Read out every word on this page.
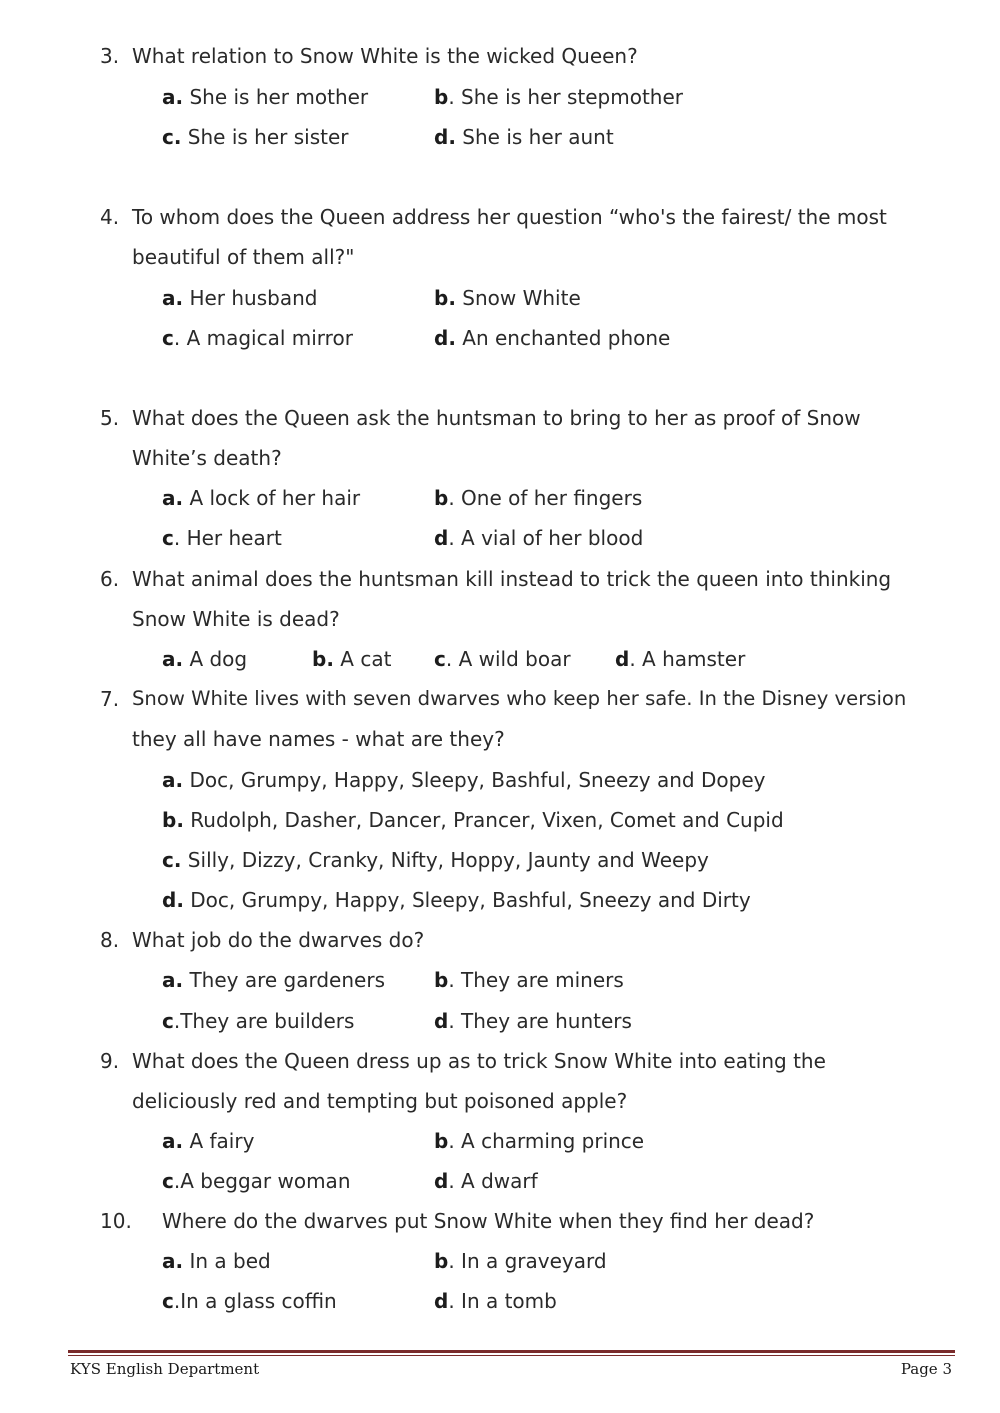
3. What relation to Snow White is the wicked Queen?
a. She is her mother	b. She is her stepmother
c. She is her sister	d. She is her aunt
4. To whom does the Queen address her question “who's the fairest/ the most
beautiful of them all?"
a. Her husband	b. Snow White
c. A magical mirror	d. An enchanted phone
5. What does the Queen ask the huntsman to bring to her as proof of Snow
White’s death?
a. A lock of her hair	b. One of her fingers
c. Her heart	d. A vial of her blood
6. What animal does the huntsman kill instead to trick the queen into thinking
Snow White is dead?
a. A dog	b. A cat c. A wild boar d. A hamster
7. Snow White lives with seven dwarves who keep her safe. In the Disney version
they all have names - what are they?
a. Doc, Grumpy, Happy, Sleepy, Bashful, Sneezy and Dopey
b. Rudolph, Dasher, Dancer, Prancer, Vixen, Comet and Cupid
c. Silly, Dizzy, Cranky, Nifty, Hoppy, Jaunty and Weepy
d. Doc, Grumpy, Happy, Sleepy, Bashful, Sneezy and Dirty
8. What job do the dwarves do?
a. They are gardeners b. They are miners
c.They are builders	d. They are hunters
9. What does the Queen dress up as to trick Snow White into eating the
deliciously red and tempting but poisoned apple?
a. A fairy	b. A charming prince
c.A beggar woman	d. A dwarf
10. Where do the dwarves put Snow White when they find her dead?
a. In a bed	b. In a graveyard
c.In a glass coffin	d. In a tomb
KYS English Department	Page 3
